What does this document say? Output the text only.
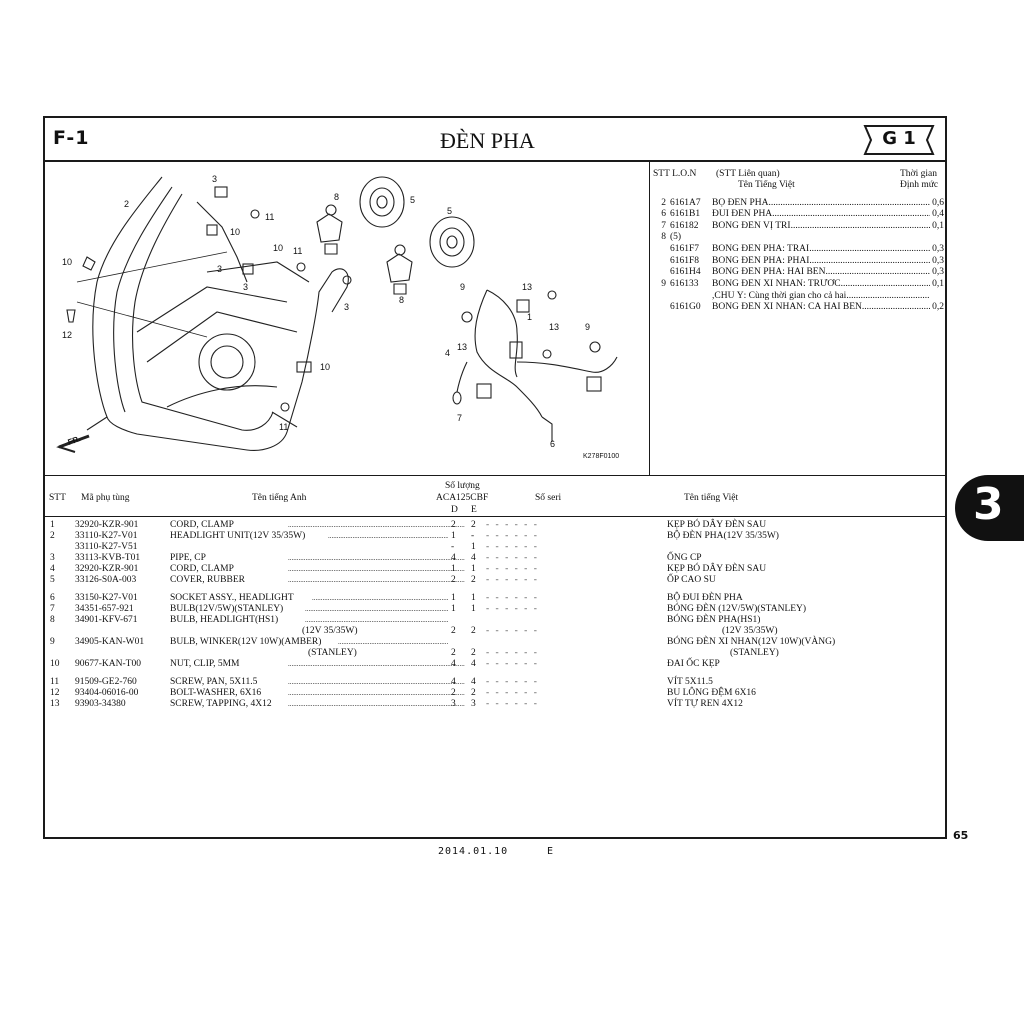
F-1	ĐÈN PHA	G 1
2
3
11
10
10
10 11
3
3
3
12
10
11
8	5
5
8
9	13
1
13	9
4
13
7
6
FR.
K278F0100
STT L.O.N (STT Liên quan)
Tên Tiếng Việt
Thời gian
Định mức
2 6161A7 BỘ ĐÈN PHA .....	0,6
6 6161B1 ĐUI ĐÈN PHA .....	0,4
7 616182 BÓNG ĐÈN VỊ TRÍ .....	0,1
8 (5)
6161F7 BÓNG ĐÈN PHA: TRÁI .....	0,3
6161F8 BÓNG ĐÈN PHA: PHẢI .....	0,3
6161H4 BÓNG ĐÈN PHA: HAI BÊN .....	0,3
9 616133 BÓNG ĐÈN XI NHAN: TRƯỚC .....	0,1
,CHÚ Ý: Cùng thời gian cho cả hai .....
6161G0 BÓNG ĐÈN XI NHAN: CẢ HAI BÊN .....	0,2
STT Mã phụ tùng	Tên tiếng Anh
Số lượng
ACA125CBF
D E
Số seri	Tên tiếng Việt
1 32920-KZR-901	CORD, CLAMP .....	2 2 - - - - - -	KẸP BÓ DÂY ĐÈN SAU
2 33110-K27-V01	HEADLIGHT UNIT(12V 35/35W) .....	1 - - - - - - -	BỘ ĐÈN PHA(12V 35/35W)
33110-K27-V51	- 1 - - - - - -
3 33113-KVB-T01	PIPE, CP .....	4 4 - - - - - -	ỐNG CP
4 32920-KZR-901	CORD, CLAMP .....	1 1 - - - - - -	KẸP BÓ DÂY ĐÈN SAU
5 33126-S0A-003	COVER, RUBBER .....	2 2 - - - - - -	ỐP CAO SU
6 33150-K27-V01	SOCKET ASSY., HEADLIGHT .....	1 1 - - - - - -	BỘ ĐUI ĐÈN PHA
7 34351-657-921	BULB(12V/5W)(STANLEY) .....	1 1 - - - - - -	BÓNG ĐÈN (12V/5W)(STANLEY)
8 34901-KFV-671	BULB, HEADLIGHT(HS1) .....	BÓNG ĐÈN PHA(HS1)
(12V 35/35W)	2 2 - - - - - -	(12V 35/35W)
9 34905-KAN-W01	BULB, WINKER(12V 10W)(AMBER) .....	BÓNG ĐÈN XI NHAN(12V 10W)(VÀNG)
(STANLEY)	2 2 - - - - - -	(STANLEY)
10 90677-KAN-T00	NUT, CLIP, 5MM .....	4 4 - - - - - -	ĐAI ỐC KẸP
11 91509-GE2-760	SCREW, PAN, 5X11.5 .....	4 4 - - - - - -	VÍT 5X11.5
12 93404-06016-00	BOLT-WASHER, 6X16 .....	2 2 - - - - - -	BU LÔNG ĐỆM 6X16
13 93903-34380	SCREW, TAPPING, 4X12 .....	3 3 - - - - - -	VÍT TỰ REN 4X12
3
65
2014.01.10	E
